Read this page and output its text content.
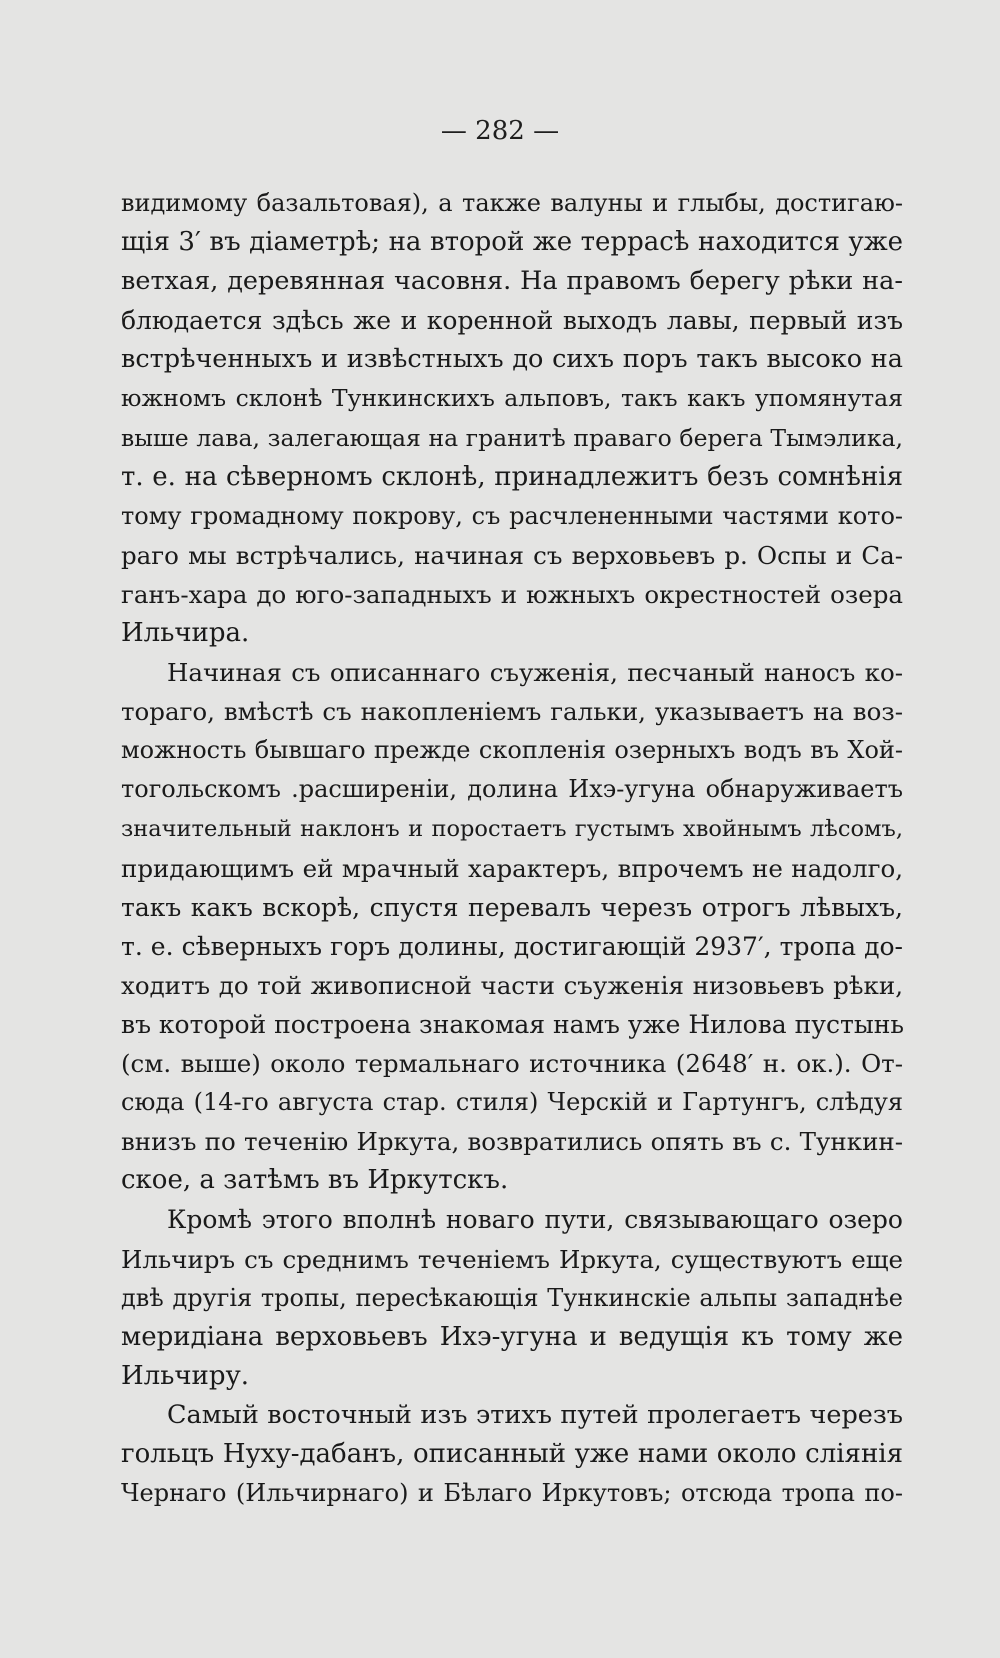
— 282 —
видимому базальтовая), а также валуны и глыбы, достигаю-
щія 3′ въ діаметрѣ; на второй же террасѣ находится уже
ветхая, деревянная часовня. На правомъ берегу рѣки на-
блюдается здѣсь же и коренной выходъ лавы, первый изъ
встрѣченныхъ и извѣстныхъ до сихъ поръ такъ высоко на
южномъ склонѣ Тункинскихъ альповъ, такъ какъ упомянутая
выше лава, залегающая на гранитѣ праваго берега Тымэлика,
т. е. на сѣверномъ склонѣ, принадлежитъ безъ сомнѣнія
тому громадному покрову, съ расчлененными частями кото-
раго мы встрѣчались, начиная съ верховьевъ р. Оспы и Са-
ганъ-хара до юго-западныхъ и южныхъ окрестностей озера
Ильчира.
Начиная съ описаннаго съуженія, песчаный наносъ ко-
тораго, вмѣстѣ съ накопленіемъ гальки, указываетъ на воз-
можность бывшаго прежде скопленія озерныхъ водъ въ Хой-
тогольскомъ .расширеніи, долина Ихэ-угуна обнаруживаетъ
значительный наклонъ и поростаетъ густымъ хвойнымъ лѣсомъ,
придающимъ ей мрачный характеръ, впрочемъ не надолго,
такъ какъ вскорѣ, спустя перевалъ черезъ отрогъ лѣвыхъ,
т. е. сѣверныхъ горъ долины, достигающій 2937′, тропа до-
ходитъ до той живописной части съуженія низовьевъ рѣки,
въ которой построена знакомая намъ уже Нилова пустынь
(см. выше) около термальнаго источника (2648′ н. ок.). От-
сюда (14-го августа стар. стиля) Черскій и Гартунгъ, слѣдуя
внизъ по теченію Иркута, возвратились опять въ с. Тункин-
ское, а затѣмъ въ Иркутскъ.
Кромѣ этого вполнѣ новаго пути, связывающаго озеро
Ильчиръ съ среднимъ теченіемъ Иркута, существуютъ еще
двѣ другія тропы, пересѣкающія Тункинскіе альпы западнѣе
меридіана верховьевъ Ихэ-угуна и ведущія къ тому же
Ильчиру.
Самый восточный изъ этихъ путей пролегаетъ черезъ
гольцъ Нуху-дабанъ, описанный уже нами около сліянія
Чернаго (Ильчирнаго) и Бѣлаго Иркутовъ; отсюда тропа по-
